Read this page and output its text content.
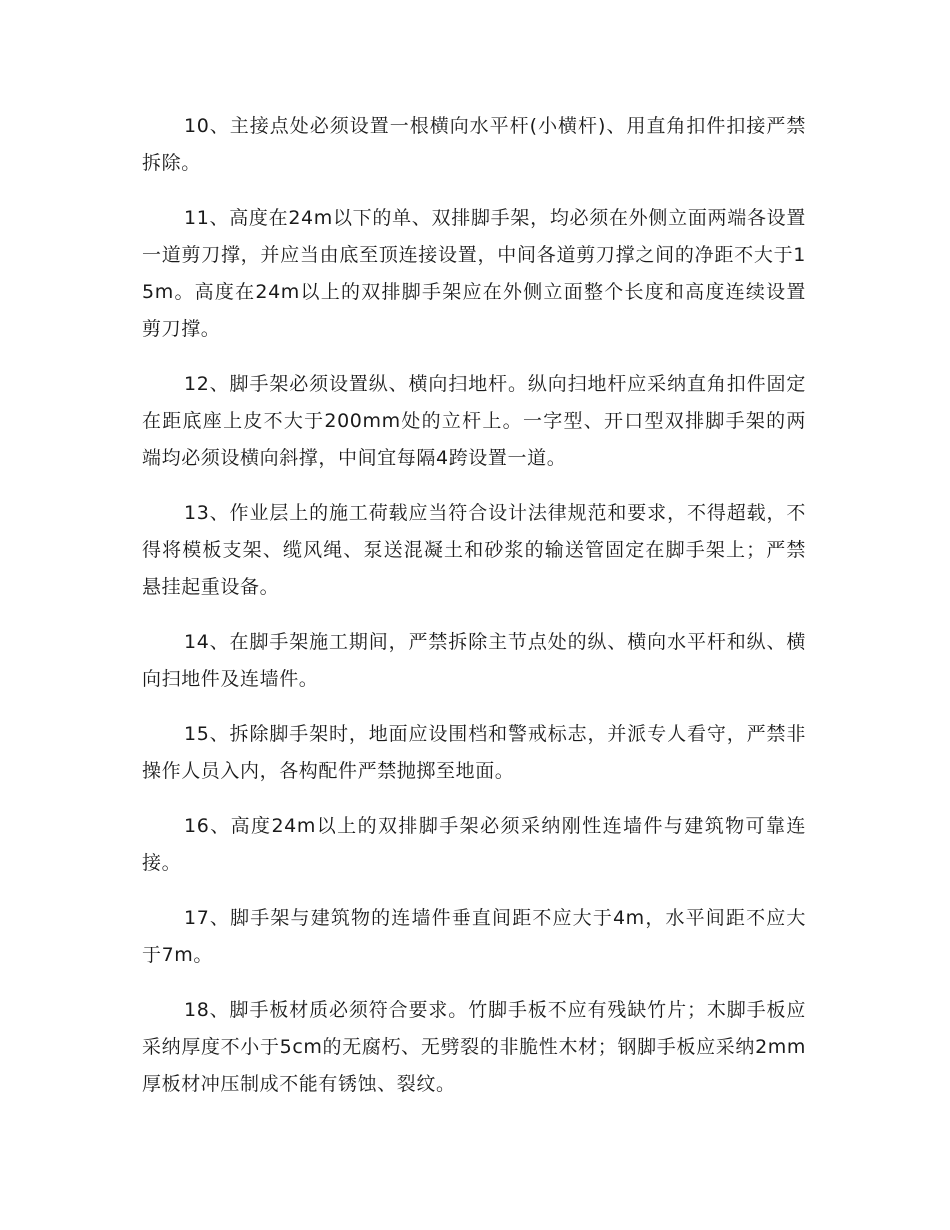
10、主接点处必须设置一根横向水平杆(小横杆)、用直角扣件扣接严禁拆除。

11、高度在24m以下的单、双排脚手架，均必须在外侧立面两端各设置一道剪刀撑，并应当由底至顶连接设置，中间各道剪刀撑之间的净距不大于15m。高度在24m以上的双排脚手架应在外侧立面整个长度和高度连续设置剪刀撑。

12、脚手架必须设置纵、横向扫地杆。纵向扫地杆应采纳直角扣件固定在距底座上皮不大于200mm处的立杆上。一字型、开口型双排脚手架的两端均必须设横向斜撑，中间宜每隔4跨设置一道。

13、作业层上的施工荷载应当符合设计法律规范和要求，不得超载，不得将模板支架、缆风绳、泵送混凝土和砂浆的输送管固定在脚手架上；严禁悬挂起重设备。

14、在脚手架施工期间，严禁拆除主节点处的纵、横向水平杆和纵、横向扫地件及连墙件。

15、拆除脚手架时，地面应设围档和警戒标志，并派专人看守，严禁非操作人员入内，各构配件严禁抛掷至地面。

16、高度24m以上的双排脚手架必须采纳刚性连墙件与建筑物可靠连接。

17、脚手架与建筑物的连墙件垂直间距不应大于4m，水平间距不应大于7m。

18、脚手板材质必须符合要求。竹脚手板不应有残缺竹片；木脚手板应采纳厚度不小于5cm的无腐朽、无劈裂的非脆性木材；钢脚手板应采纳2mm厚板材冲压制成不能有锈蚀、裂纹。
